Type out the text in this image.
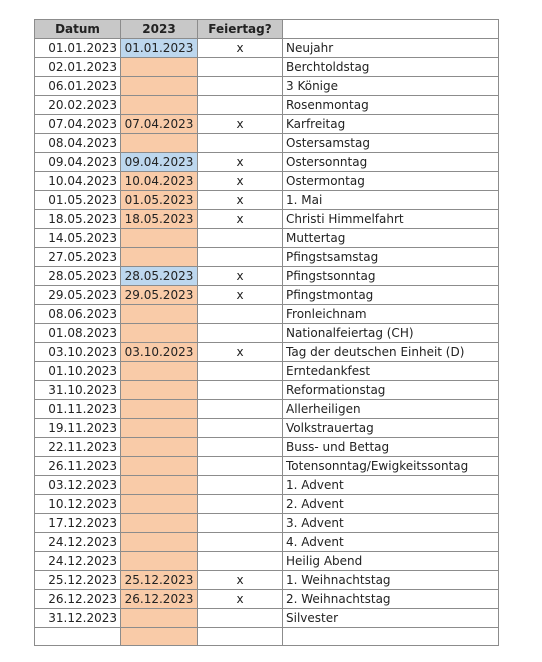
Datum	2023	Feiertag?	
01.01.2023	01.01.2023	x	Neujahr
02.01.2023			Berchtoldstag
06.01.2023			3 Könige
20.02.2023			Rosenmontag
07.04.2023	07.04.2023	x	Karfreitag
08.04.2023			Ostersamstag
09.04.2023	09.04.2023	x	Ostersonntag
10.04.2023	10.04.2023	x	Ostermontag
01.05.2023	01.05.2023	x	1. Mai
18.05.2023	18.05.2023	x	Christi Himmelfahrt
14.05.2023			Muttertag
27.05.2023			Pfingstsamstag
28.05.2023	28.05.2023	x	Pfingstsonntag
29.05.2023	29.05.2023	x	Pfingstmontag
08.06.2023			Fronleichnam
01.08.2023			Nationalfeiertag (CH)
03.10.2023	03.10.2023	x	Tag der deutschen Einheit (D)
01.10.2023			Erntedankfest
31.10.2023			Reformationstag
01.11.2023			Allerheiligen
19.11.2023			Volkstrauertag
22.11.2023			Buss- und Bettag
26.11.2023			Totensonntag/Ewigkeitssontag
03.12.2023			1. Advent
10.12.2023			2. Advent
17.12.2023			3. Advent
24.12.2023			4. Advent
24.12.2023			Heilig Abend
25.12.2023	25.12.2023	x	1. Weihnachtstag
26.12.2023	26.12.2023	x	2. Weihnachtstag
31.12.2023			Silvester
